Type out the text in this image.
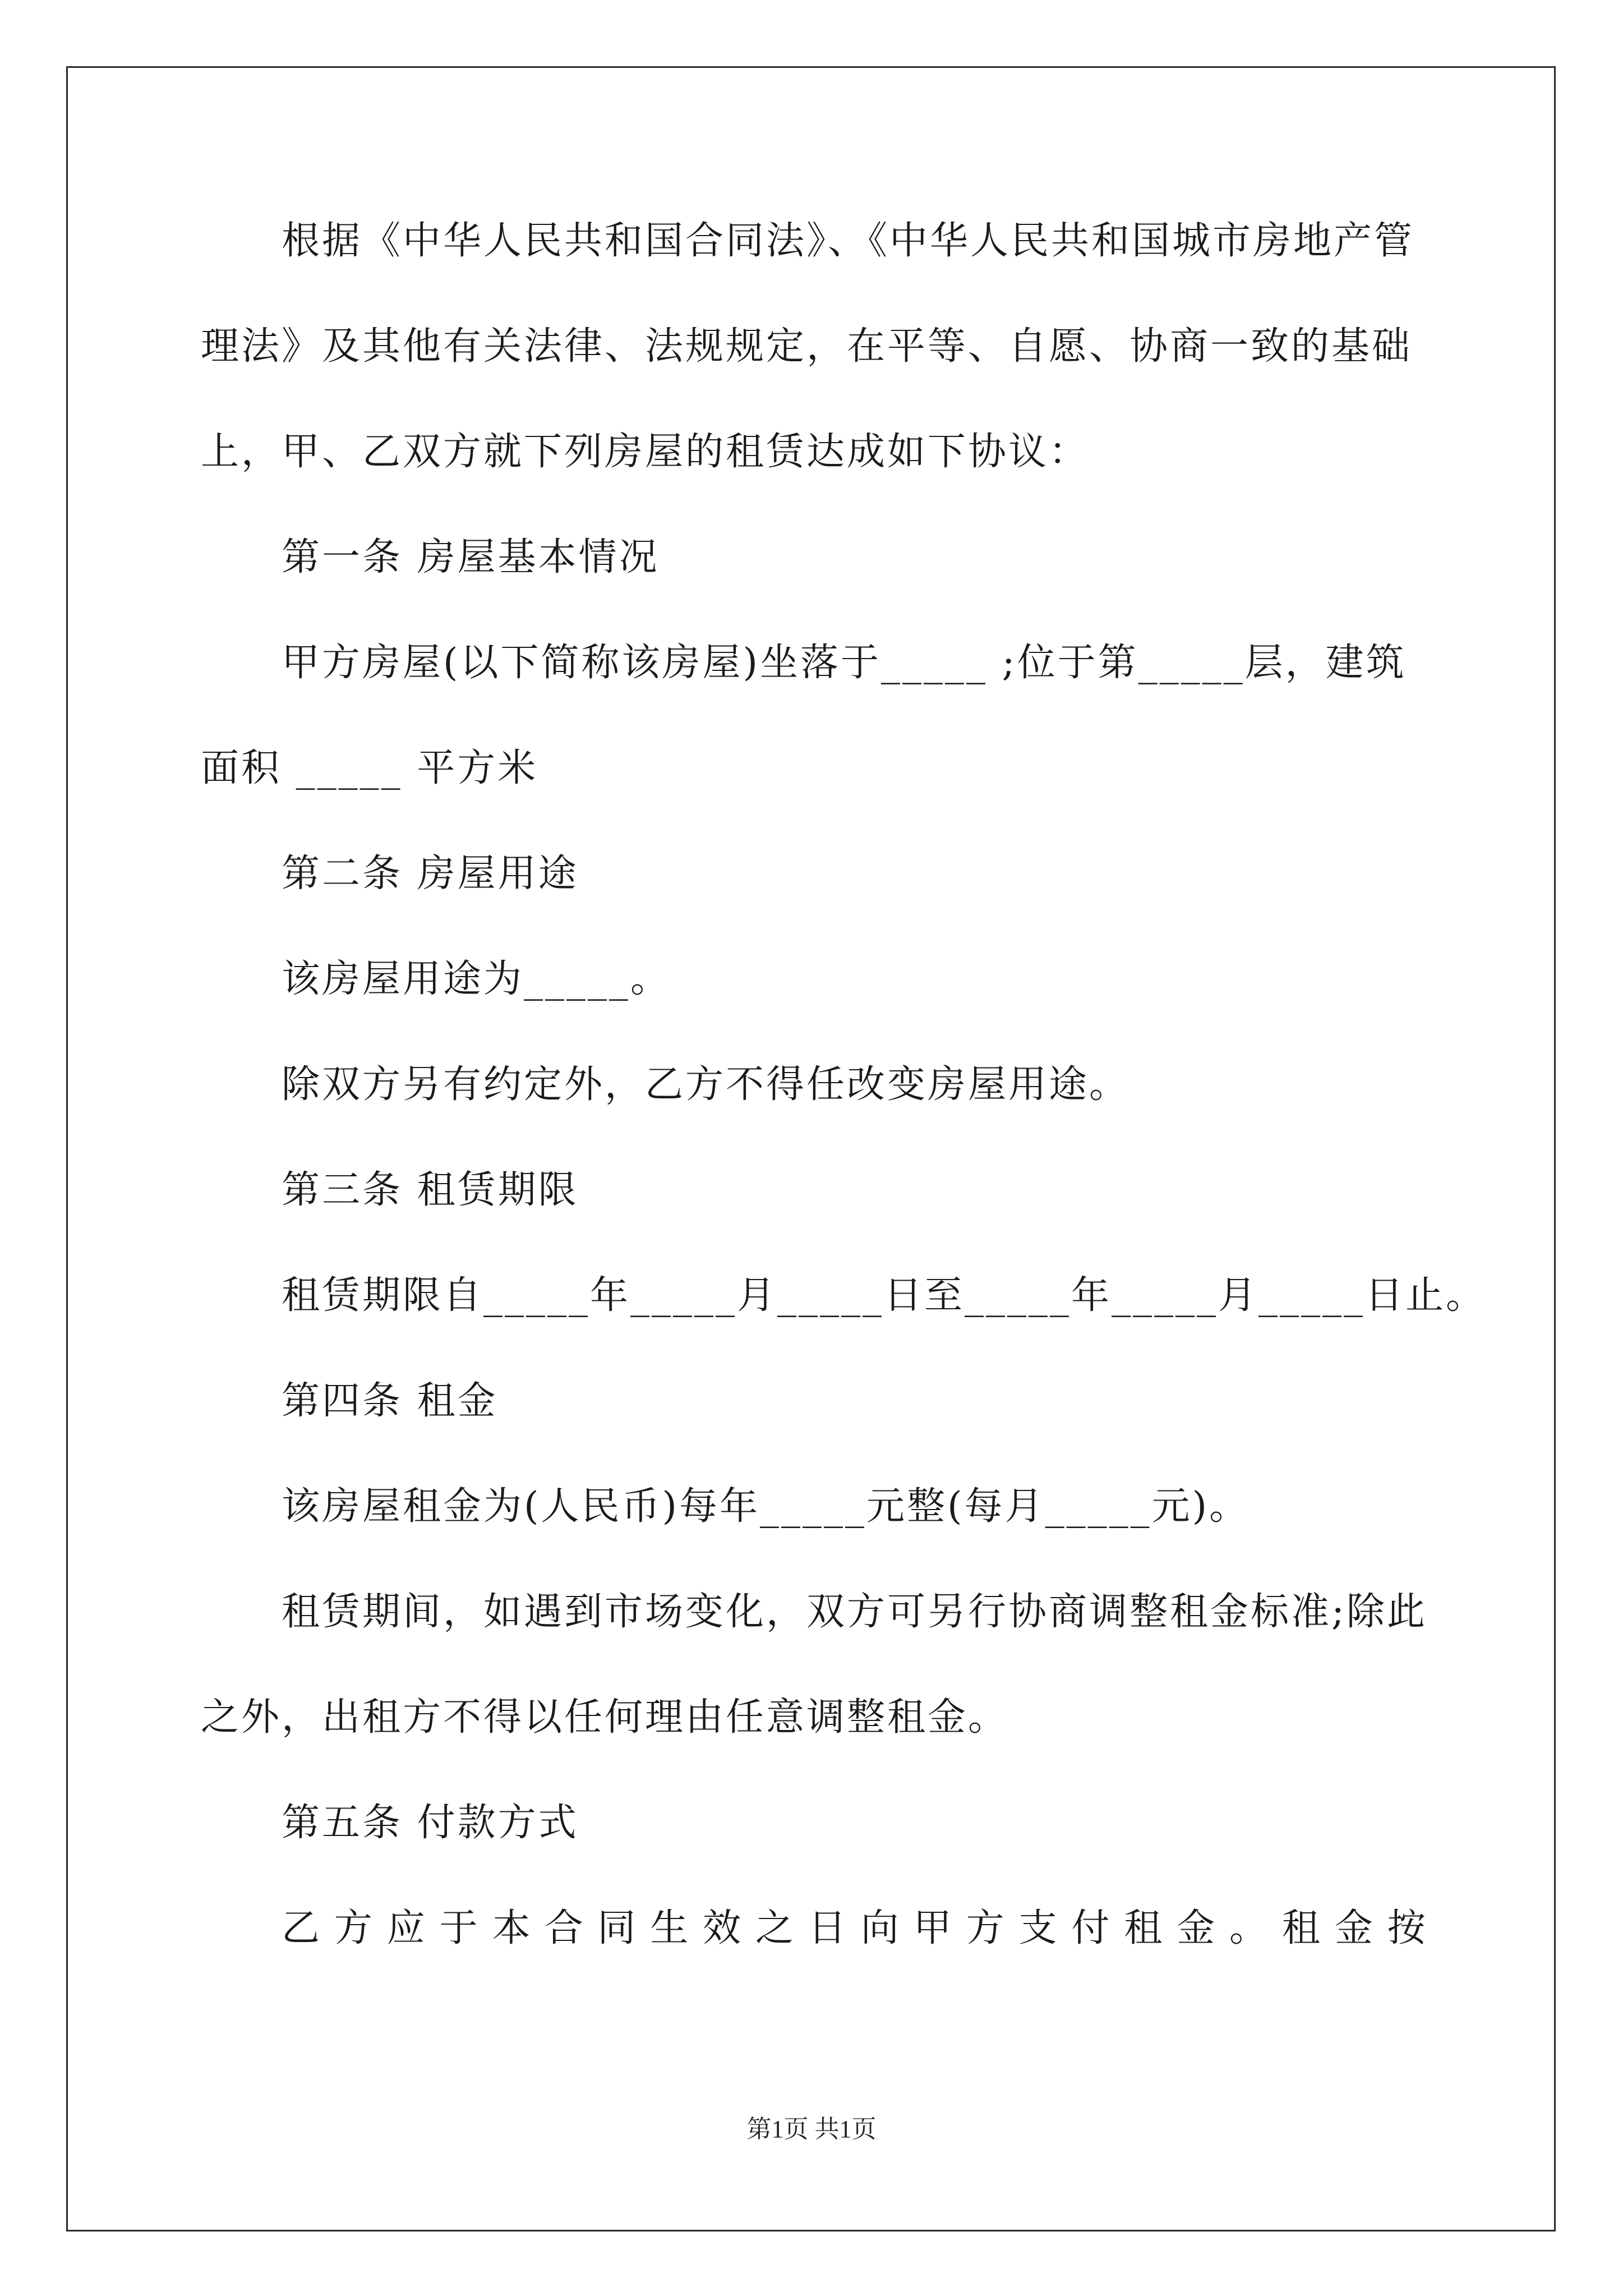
根据《中华人民共和国合同法》、《中华人民共和国城市房地产管
理法》及其他有关法律、法规规定，在平等、自愿、协商一致的基础
上，甲、乙双方就下列房屋的租赁达成如下协议：
第一条 房屋基本情况
甲方房屋(以下简称该房屋)坐落于_____ ;位于第_____层，建筑
面积 _____ 平方米
第二条 房屋用途
该房屋用途为_____。
除双方另有约定外，乙方不得任改变房屋用途。
第三条 租赁期限
租赁期限自_____年_____月_____日至_____年_____月_____日止。
第四条 租金
该房屋租金为(人民币)每年_____元整(每月_____元)。
租赁期间，如遇到市场变化，双方可另行协商调整租金标准;除此
之外，出租方不得以任何理由任意调整租金。
第五条 付款方式
乙 方 应 于 本 合 同 生 效 之 日 向 甲 方 支 付 租 金 。 租 金 按
第1页 共1页
